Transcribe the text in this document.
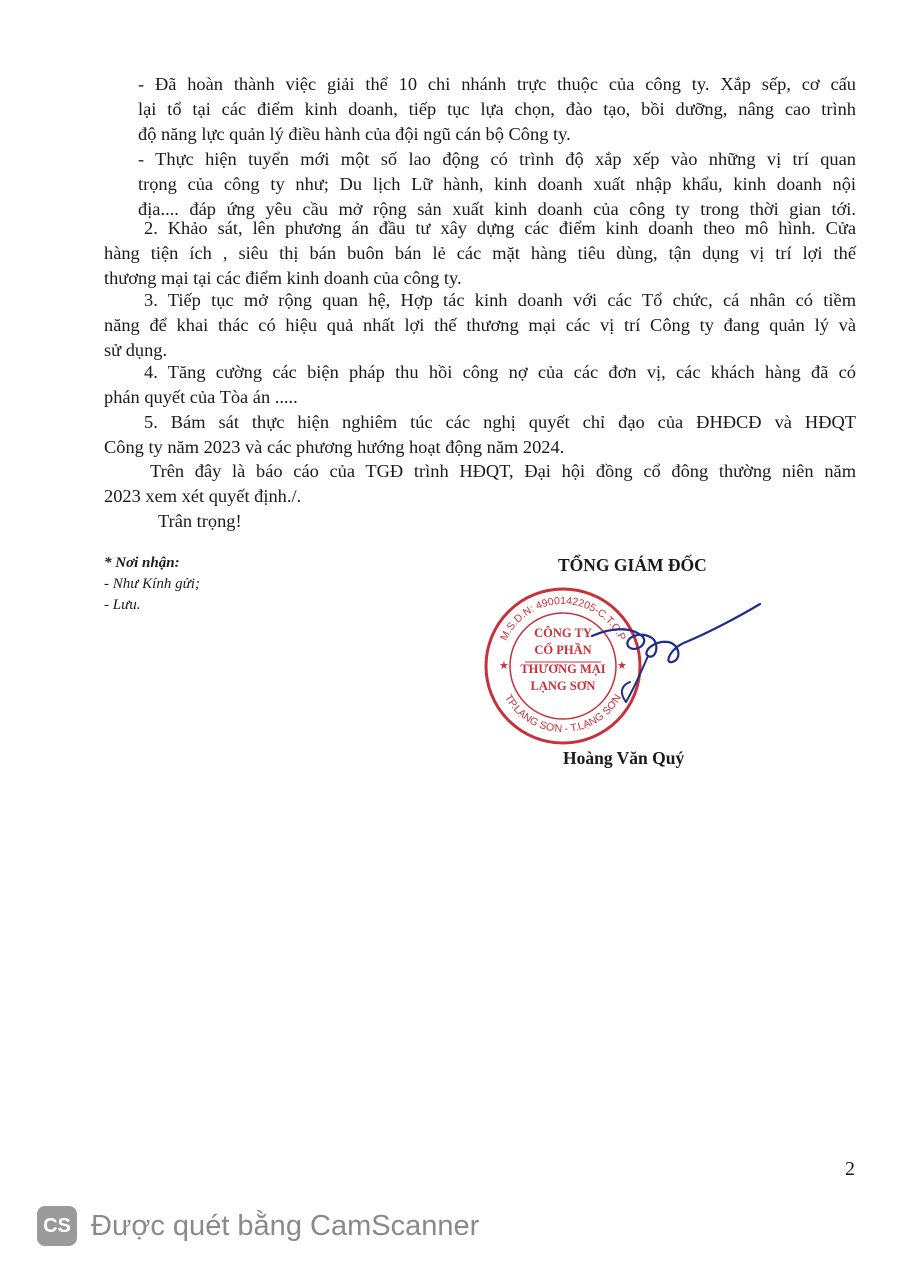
- Đã hoàn thành việc giải thể 10 chi nhánh trực thuộc của công ty. Xắp sếp, cơ cấu
lại tổ tại các điểm kinh doanh, tiếp tục lựa chọn, đào tạo, bồi dưỡng, nâng cao trình
độ năng lực quản lý điều hành của đội ngũ cán bộ Công ty.
- Thực hiện tuyển mới một số lao động có trình độ xắp xếp vào những vị trí quan
trọng của công ty như; Du lịch Lữ hành, kinh doanh xuất nhập khẩu, kinh doanh nội
địa.... đáp ứng yêu cầu mở rộng sản xuất kinh doanh của công ty trong thời gian tới.
2. Khảo sát, lên phương án đầu tư xây dựng các điểm kinh doanh theo mô hình. Cửa
hàng tiện ích , siêu thị bán buôn bán lẻ các mặt hàng tiêu dùng, tận dụng vị trí lợi thế
thương mại tại các điểm kinh doanh của công ty.
3. Tiếp tục mở rộng quan hệ, Hợp tác kinh doanh với các Tổ chức, cá nhân có tiềm
năng để khai thác có hiệu quả nhất lợi thế thương mại các vị trí Công ty đang quản lý và
sử dụng.
4. Tăng cường các biện pháp thu hồi công nợ của các đơn vị, các khách hàng đã có
phán quyết của Tòa án .....
5. Bám sát thực hiện nghiêm túc các nghị quyết chỉ đạo của ĐHĐCĐ và HĐQT
Công ty năm 2023 và các phương hướng hoạt động năm 2024.
Trên đây là báo cáo của TGĐ trình HĐQT, Đại hội đồng cổ đông thường niên năm
2023 xem xét quyết định./.
Trân trọng!
* Nơi nhận:
- Như Kính gửi;
- Lưu.
TỔNG GIÁM ĐỐC
M.S.D.N: 4900142205-C.T.C.P
TP.LẠNG SƠN - T.LẠNG SƠN
★	★
CÔNG TY
CỔ PHẦN
THƯƠNG MẠI
LẠNG SƠN
Hoàng Văn Quý
2
CS Được quét bằng CamScanner
